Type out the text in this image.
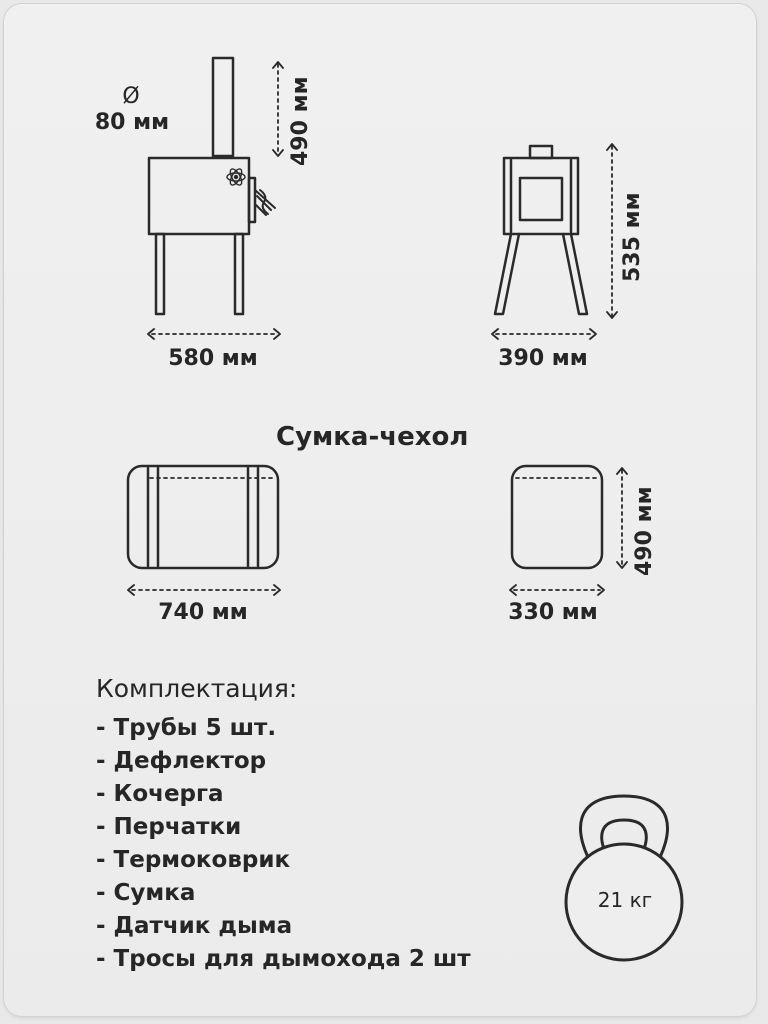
Ø
80 мм	490 мм
580 мм
535 мм
390 мм
Сумка-чехол
740 мм	330 мм
490 мм
Комплектация:
- Трубы 5 шт.
- Дефлектор
- Кочерга
- Перчатки
- Термоковрик
- Сумка
- Датчик дыма
- Тросы для дымохода 2 шт
21 кг
